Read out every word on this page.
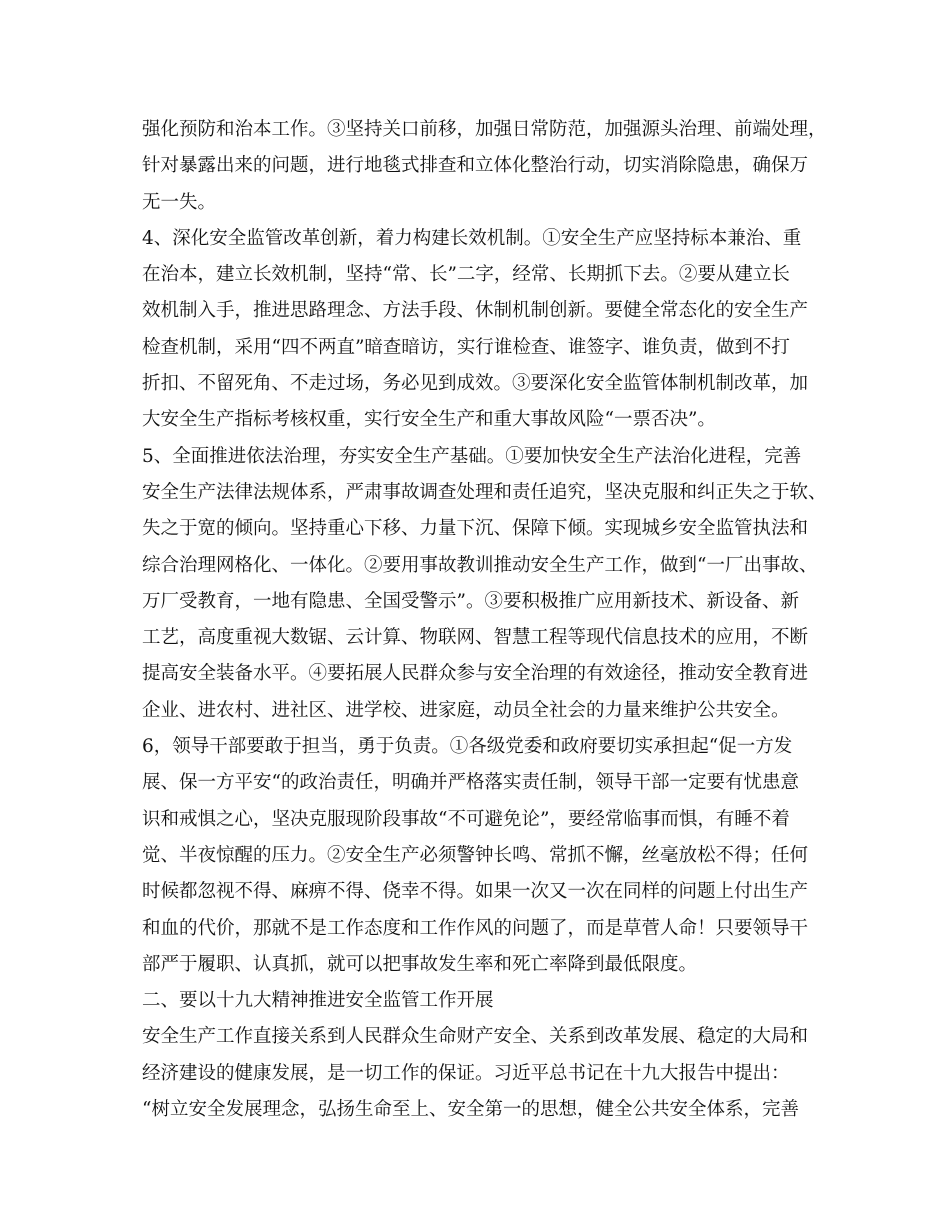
强化预防和治本工作。③坚持关口前移，加强日常防范，加强源头治理、前端处理，
针对暴露出来的问题，进行地毯式排查和立体化整治行动，切实消除隐患，确保万
无一失。
4、深化安全监管改革创新，着力构建长效机制。①安全生产应坚持标本兼治、重
在治本，建立长效机制，坚持“常、长”二字，经常、长期抓下去。②要从建立长
效机制入手，推进思路理念、方法手段、休制机制创新。要健全常态化的安全生产
检查机制，采用“四不两直”暗查暗访，实行谁检查、谁签字、谁负责，做到不打
折扣、不留死角、不走过场，务必见到成效。③要深化安全监管体制机制改革，加
大安全生产指标考核权重，实行安全生产和重大事故风险“一票否决”。
5、全面推进依法治理，夯实安全生产基础。①要加快安全生产法治化进程，完善
安全生产法律法规体系，严肃事故调查处理和责任追究，坚决克服和纠正失之于软、
失之于宽的倾向。坚持重心下移、力量下沉、保障下倾。实现城乡安全监管执法和
综合治理网格化、一体化。②要用事故教训推动安全生产工作，做到“一厂出事故、
万厂受教育，一地有隐患、全国受警示”。③要积极推广应用新技术、新设备、新
工艺，高度重视大数锯、云计算、物联网、智慧工程等现代信息技术的应用，不断
提高安全装备水平。④要拓展人民群众参与安全治理的有效途径，推动安全教育进
企业、进农村、进社区、进学校、进家庭，动员全社会的力量来维护公共安全。
6，领导干部要敢于担当，勇于负责。①各级党委和政府要切实承担起“促一方发
展、保一方平安“的政治责任，明确并严格落实责任制，领导干部一定要有忧患意
识和戒惧之心，坚决克服现阶段事故“不可避免论”，要经常临事而惧，有睡不着
觉、半夜惊醒的压力。②安全生产必须警钟长鸣、常抓不懈，丝毫放松不得；任何
时候都忽视不得、麻痹不得、侥幸不得。如果一次又一次在同样的问题上付出生产
和血的代价，那就不是工作态度和工作作风的问题了，而是草菅人命！只要领导干
部严于履职、认真抓，就可以把事故发生率和死亡率降到最低限度。
二、要以十九大精神推进安全监管工作开展
安全生产工作直接关系到人民群众生命财产安全、关系到改革发展、稳定的大局和
经济建设的健康发展，是一切工作的保证。习近平总书记在十九大报告中提出：
“树立安全发展理念，弘扬生命至上、安全第一的思想，健全公共安全体系，完善
